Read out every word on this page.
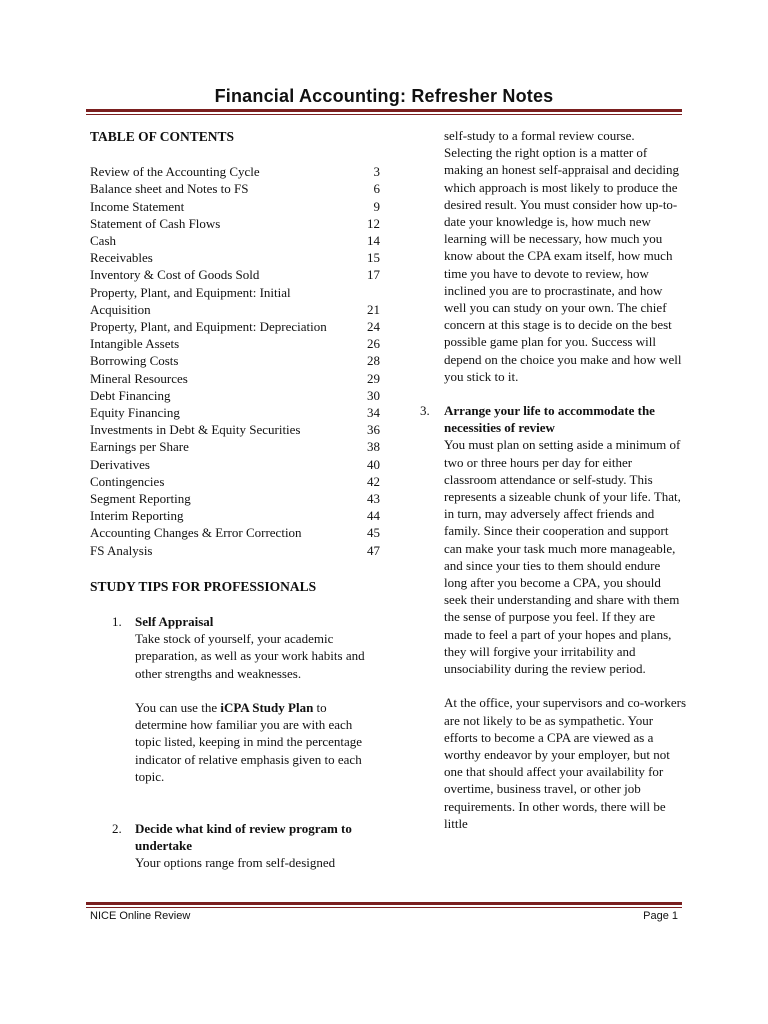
Financial Accounting: Refresher Notes
TABLE OF CONTENTS
Review of the Accounting Cycle	3
Balance sheet and Notes to FS	6
Income Statement	9
Statement of Cash Flows	12
Cash	14
Receivables	15
Inventory & Cost of Goods Sold	17
Property, Plant, and Equipment: Initial Acquisition	21
Property, Plant, and Equipment: Depreciation	24
Intangible Assets	26
Borrowing Costs	28
Mineral Resources	29
Debt Financing	30
Equity Financing	34
Investments in Debt & Equity Securities	36
Earnings per Share	38
Derivatives	40
Contingencies	42
Segment Reporting	43
Interim Reporting	44
Accounting Changes & Error Correction	45
FS Analysis	47
STUDY TIPS FOR PROFESSIONALS
1.	Self Appraisal

Take stock of yourself, your academic preparation, as well as your work habits and other strengths and weaknesses.

You can use the iCPA Study Plan to determine how familiar you are with each topic listed, keeping in mind the percentage indicator of relative emphasis given to each topic.

2.	Decide what kind of review program to undertake

Your options range from self-designed

self-study to a formal review course. Selecting the right option is a matter of making an honest self-appraisal and deciding which approach is most likely to produce the desired result. You must consider how up-to-date your knowledge is, how much new learning will be necessary, how much you know about the CPA exam itself, how much time you have to devote to review, how inclined you are to procrastinate, and how well you can study on your own. The chief concern at this stage is to decide on the best possible game plan for you. Success will depend on the choice you make and how well you stick to it.

3.	Arrange your life to accommodate the necessities of review

You must plan on setting aside a minimum of two or three hours per day for either classroom attendance or self-study. This represents a sizeable chunk of your life. That, in turn, may adversely affect friends and family. Since their cooperation and support can make your task much more manageable, and since your ties to them should endure long after you become a CPA, you should seek their understanding and share with them the sense of purpose you feel. If they are made to feel a part of your hopes and plans, they will forgive your irritability and unsociability during the review period.

At the office, your supervisors and co-workers are not likely to be as sympathetic. Your efforts to become a CPA are viewed as a worthy endeavor by your employer, but not one that should affect your availability for overtime, business travel, or other job requirements. In other words, there will be little

NICE Online Review	Page 1
